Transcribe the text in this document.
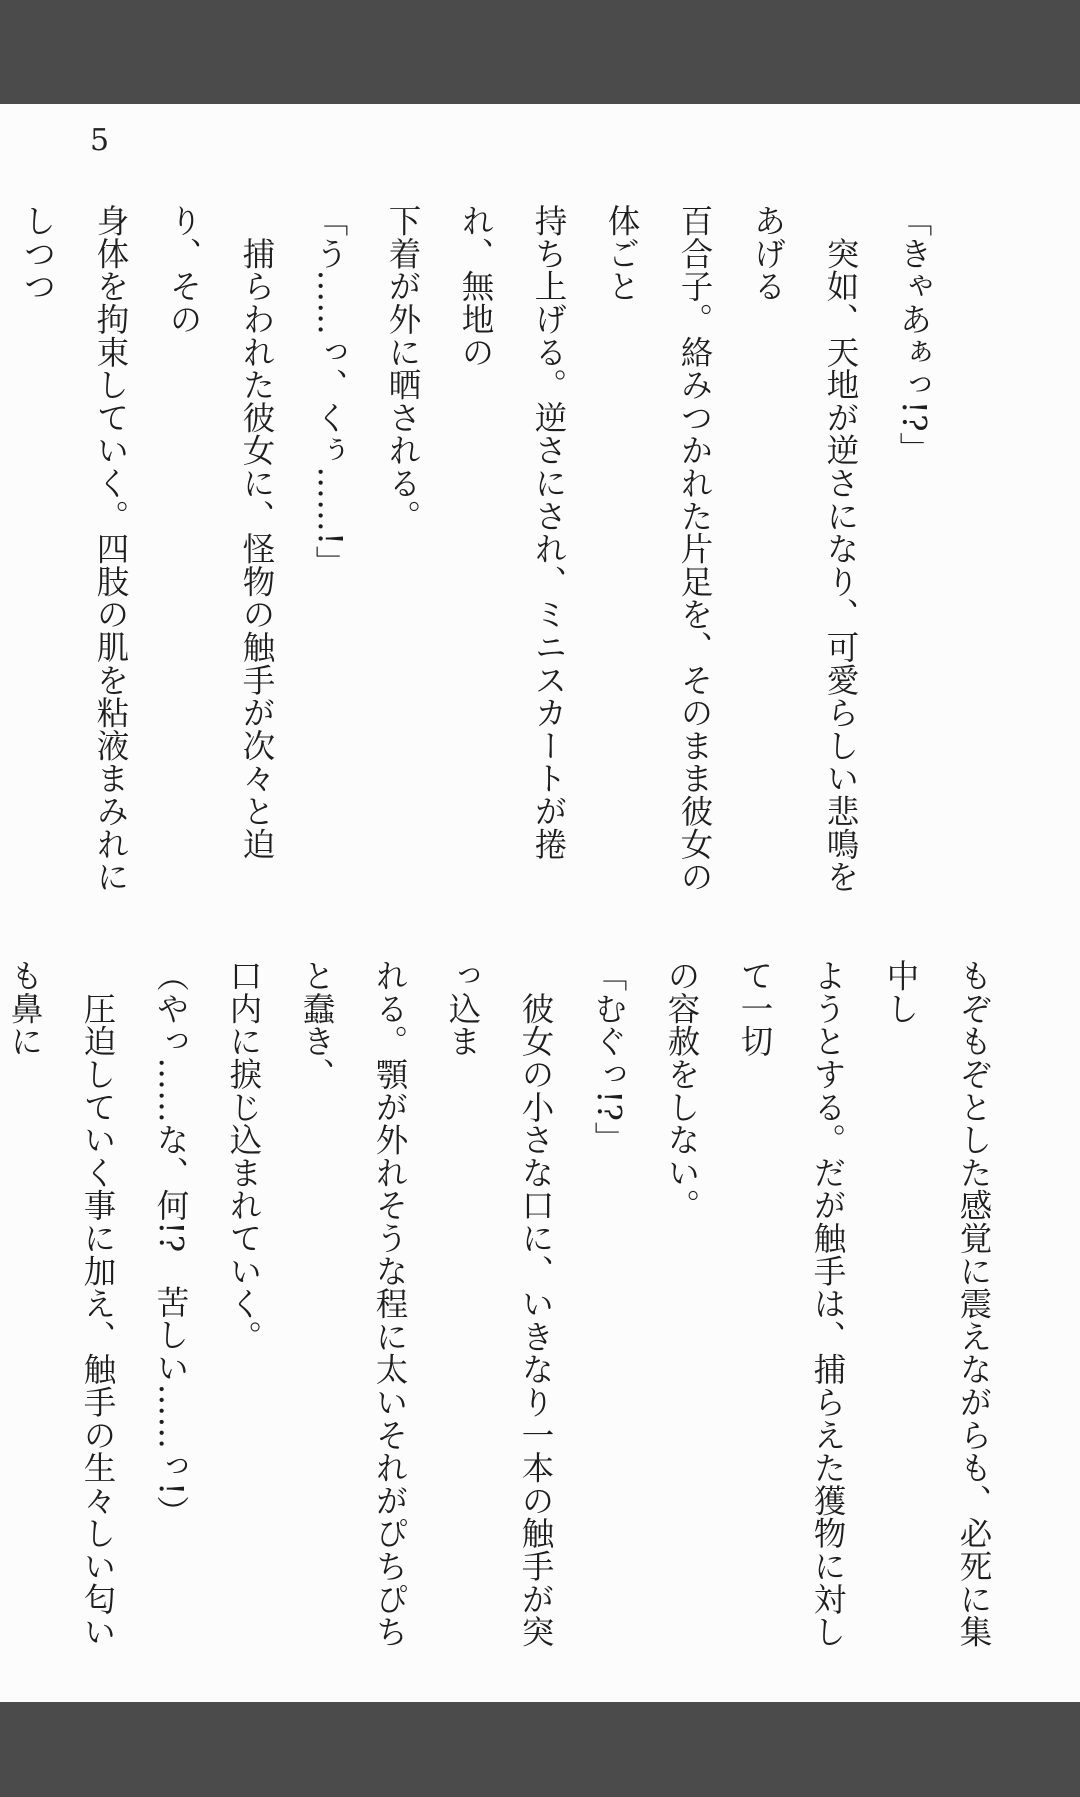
5

「きゃあぁっ!?」

　突如、天地が逆さになり、可愛らしい悲鳴をあげる

百合子。絡みつかれた片足を、そのまま彼女の体ごと

持ち上げる。逆さにされ、ミニスカートが捲れ、無地の

下着が外に晒される。

「う……っ、くぅ……!」

　捕らわれた彼女に、怪物の触手が次々と迫り、その

身体を拘束していく。四肢の肌を粘液まみれにしつつ

もぞもぞとした感覚に震えながらも、必死に集中し

ようとする。だが触手は、捕らえた獲物に対して一切

の容赦をしない。

「むぐっ!?」

　彼女の小さな口に、いきなり一本の触手が突っ込ま

れる。顎が外れそうな程に太いそれがぴちぴちと蠢き、

口内に捩じ込まれていく。

（やっ……な、何!?　苦しい……っ!）

　圧迫していく事に加え、触手の生々しい匂いも鼻に
